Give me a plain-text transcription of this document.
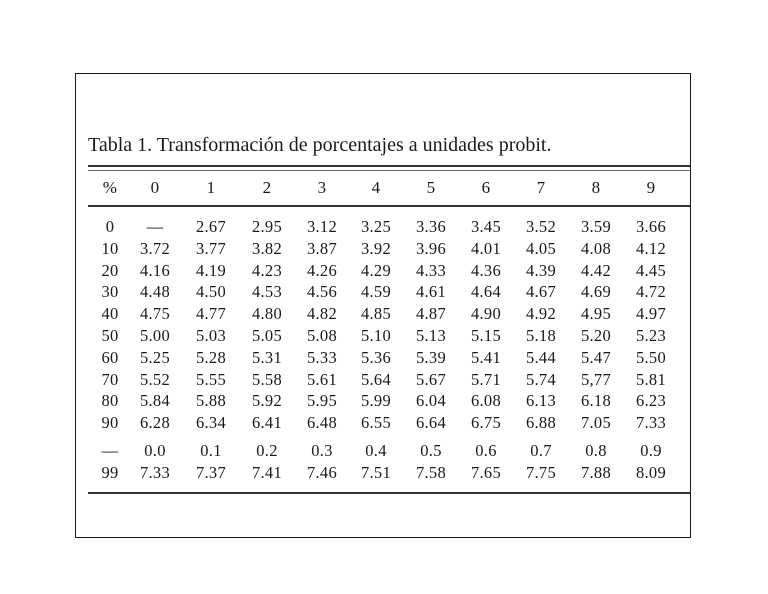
Tabla 1. Transformación de porcentajes a unidades probit.
%	0	1	2	3	4	5	6	7	8	9
0	—	2.67	2.95	3.12	3.25	3.36	3.45	3.52	3.59	3.66
10	3.72	3.77	3.82	3.87	3.92	3.96	4.01	4.05	4.08	4.12
20	4.16	4.19	4.23	4.26	4.29	4.33	4.36	4.39	4.42	4.45
30	4.48	4.50	4.53	4.56	4.59	4.61	4.64	4.67	4.69	4.72
40	4.75	4.77	4.80	4.82	4.85	4.87	4.90	4.92	4.95	4.97
50	5.00	5.03	5.05	5.08	5.10	5.13	5.15	5.18	5.20	5.23
60	5.25	5.28	5.31	5.33	5.36	5.39	5.41	5.44	5.47	5.50
70	5.52	5.55	5.58	5.61	5.64	5.67	5.71	5.74	5,77	5.81
80	5.84	5.88	5.92	5.95	5.99	6.04	6.08	6.13	6.18	6.23
90	6.28	6.34	6.41	6.48	6.55	6.64	6.75	6.88	7.05	7.33
—	0.0	0.1	0.2	0.3	0.4	0.5	0.6	0.7	0.8	0.9
99	7.33	7.37	7.41	7.46	7.51	7.58	7.65	7.75	7.88	8.09
